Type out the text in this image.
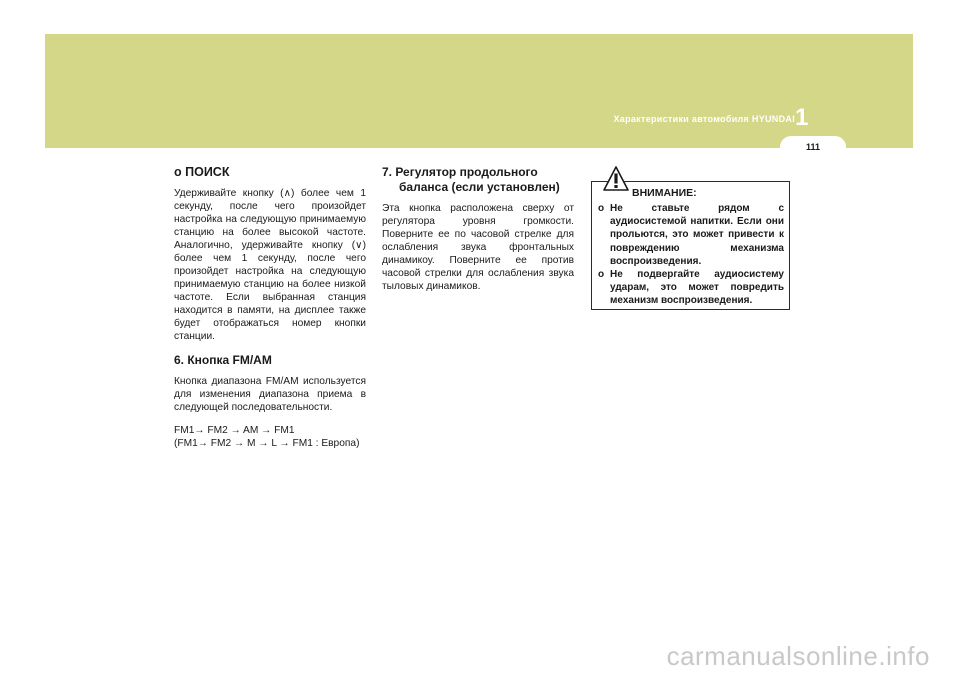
Характеристики автомобиля HYUNDAI 1
111

o ПОИСК

Удерживайте кнопку (∧) более чем 1 секунду, после чего произойдет настройка на следующую принимаемую станцию на более высокой частоте. Аналогично, удерживайте кнопку (∨) более чем 1 секунду, после чего произойдет настройка на следующую принимаемую станцию на более низкой частоте. Если выбранная станция находится в памяти, на дисплее также будет отображаться номер кнопки станции.

6. Кнопка FM/AM

Кнопка диапазона FM/AM используется для изменения диапазона приема в следующей последовательности.

FM1→ FM2 → AM → FM1

(FM1→ FM2 → M → L → FM1 : Европа)

7. Регулятор продольного баланса (если установлен)

Эта кнопка расположена сверху от регулятора уровня громкости. Поверните ее по часовой стрелке для ослабления звука фронтальных динамикоу. Поверните ее против часовой стрелки для ослабления звука тыловых динамиков.

ВНИМАНИЕ:
o Не ставьте рядом с аудиосистемой напитки. Если они прольются, это может привести к повреждению механизма воспроизведения.
o Не подвергайте аудиосистему ударам, это может повредить механизм воспроизведения.
carmanualsonline.info
